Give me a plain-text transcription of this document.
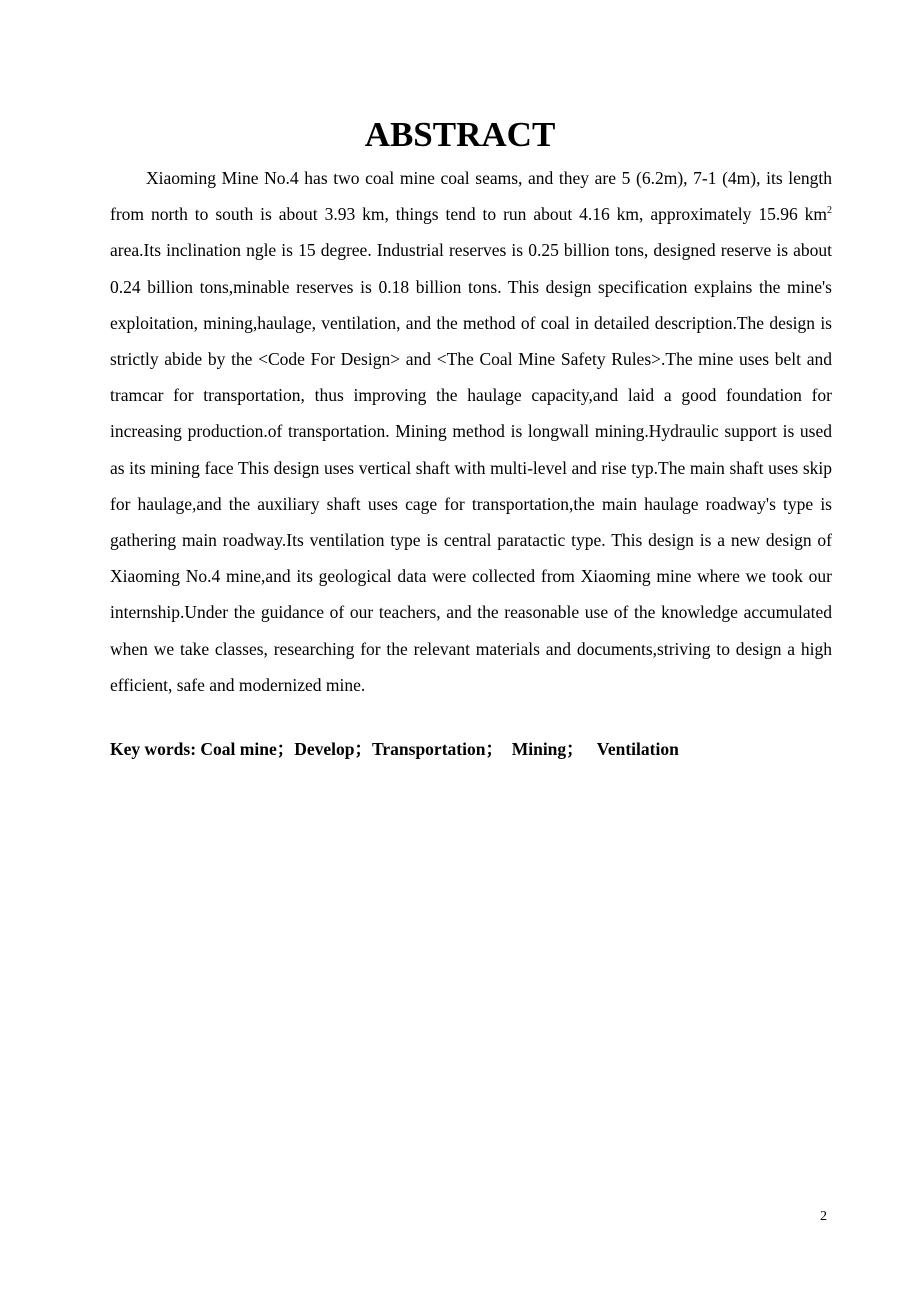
ABSTRACT

Xiaoming Mine No.4 has two coal mine coal seams, and they are 5 (6.2m), 7-1 (4m), its length from north to south is about 3.93 km, things tend to run about 4.16 km, approximately 15.96 $km^2$ area.Its inclination ngle is 15 degree. Industrial reserves is 0.25 billion tons, designed reserve is about 0.24 billion tons,minable reserves is 0.18 billion tons. This design specification explains the mine's exploitation, mining,haulage, ventilation, and the method of coal in detailed description.The design is strictly abide by the <Code For Design> and <The Coal Mine Safety Rules>.The mine uses belt and tramcar for transportation, thus improving the haulage capacity,and laid a good foundation for increasing production.of transportation. Mining method is longwall mining.Hydraulic support is used as its mining face This design uses vertical shaft with multi-level and rise typ.The main shaft uses skip for haulage,and the auxiliary shaft uses cage for transportation,the main haulage roadway's type is gathering main roadway.Its ventilation type is central paratactic type. This design is a new design of Xiaoming No.4 mine,and its geological data were collected from Xiaoming mine where we took our internship.Under the guidance of our teachers, and the reasonable use of the knowledge accumulated when we take classes, researching for the relevant materials and documents,striving to design a high efficient, safe and modernized mine.

Key words: Coal mine；Develop；Transportation； Mining； Ventilation
2
